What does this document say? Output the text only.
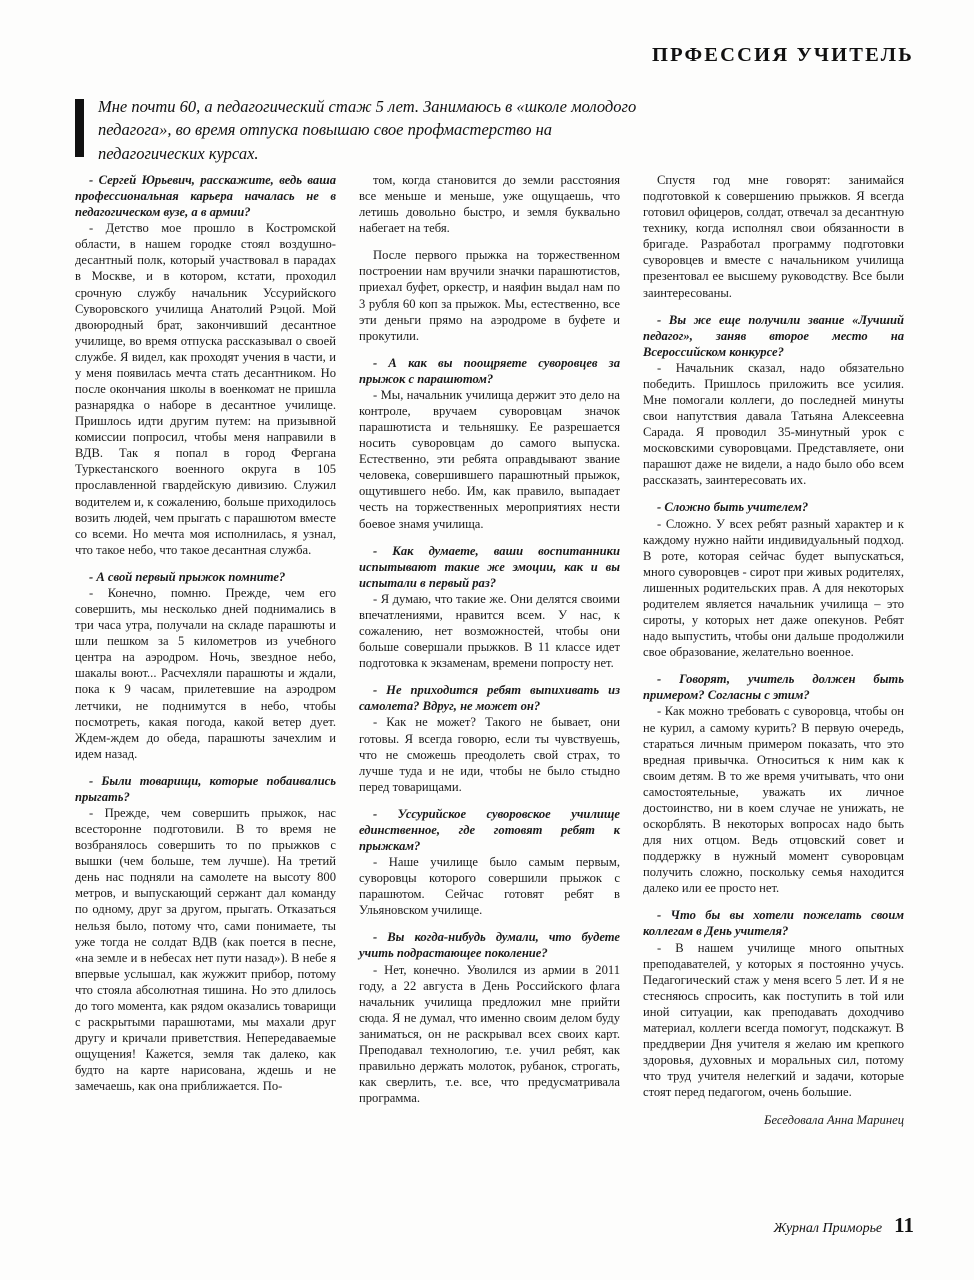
ПРФЕССИЯ УЧИТЕЛЬ
Мне почти 60, а педагогический стаж 5 лет. Занимаюсь в «школе молодого педагога», во время отпуска повышаю свое профмастерство на педагогических курсах.

- Сергей Юрьевич, расскажите, ведь ваша профессиональная карьера началась не в педагогическом вузе, а в армии?

- Детство мое прошло в Костромской области, в нашем городке стоял воздушно-десантный полк, который участвовал в парадах в Москве, и в котором, кстати, проходил срочную службу начальник Уссурийского Суворовского училища Анатолий Рэцой. Мой двоюродный брат, закончивший десантное училище, во время отпуска рассказывал о своей службе. Я видел, как проходят учения в части, и у меня появилась мечта стать десантником. Но после окончания школы в военкомат не пришла разнарядка о наборе в десантное училище. Пришлось идти другим путем: на призывной комиссии попросил, чтобы меня направили в ВДВ. Так я попал в город Фергана Туркестанского военного округа в 105 прославленной гвардейскую дивизию. Служил водителем и, к сожалению, больше приходилось возить людей, чем прыгать с парашютом вместе со всеми. Но мечта моя исполнилась, я узнал, что такое небо, что такое десантная служба.

- А свой первый прыжок помните?

- Конечно, помню. Прежде, чем его совершить, мы несколько дней поднимались в три часа утра, получали на складе парашюты и шли пешком за 5 километров из учебного центра на аэродром. Ночь, звездное небо, шакалы воют... Расчехляли парашюты и ждали, пока к 9 часам, прилетевшие на аэродром летчики, не поднимутся в небо, чтобы посмотреть, какая погода, какой ветер дует. Ждем-ждем до обеда, парашюты зачехлим и идем назад.

- Были товарищи, которые побаивались прыгать?

- Прежде, чем совершить прыжок, нас всесторонне подготовили. В то время не возбранялось совершить то по прыжков с вышки (чем больше, тем лучше). На третий день нас подняли на самолете на высоту 800 метров, и выпускающий сержант дал команду по одному, друг за другом, прыгать. Отказаться нельзя было, потому что, сами понимаете, ты уже тогда не солдат ВДВ (как поется в песне, «на земле и в небесах нет пути назад»). В небе я впервые услышал, как жужжит прибор, потому что стояла абсолютная тишина. Но это длилось до того момента, как рядом оказались товарищи с раскрытыми парашютами, мы махали друг другу и кричали приветствия. Непередаваемые ощущения! Кажется, земля так далеко, как будто на карте нарисована, ждешь и не замечаешь, как она приближается. По-

том, когда становится до земли расстояния все меньше и меньше, уже ощущаешь, что летишь довольно быстро, и земля буквально набегает на тебя.

После первого прыжка на торжественном построении нам вручили значки парашютистов, приехал буфет, оркестр, и наяфин выдал нам по 3 рубля 60 коп за прыжок. Мы, естественно, все эти деньги прямо на аэродроме в буфете и прокутили.

- А как вы поощряете суворовцев за прыжок с парашютом?

- Мы, начальник училища держит это дело на контроле, вручаем суворовцам значок парашютиста и тельняшку. Ее разрешается носить суворовцам до самого выпуска. Естественно, эти ребята оправдывают звание человека, совершившего парашютный прыжок, ощутившего небо. Им, как правило, выпадает честь на торжественных мероприятиях нести боевое знамя училища.

- Как думаете, ваши воспитанники испытывают такие же эмоции, как и вы испытали в первый раз?

- Я думаю, что такие же. Они делятся своими впечатлениями, нравится всем. У нас, к сожалению, нет возможностей, чтобы они больше совершали прыжков. В 11 классе идет подготовка к экзаменам, времени попросту нет.

- Не приходится ребят выпихивать из самолета? Вдруг, не может он?

- Как не может? Такого не бывает, они готовы. Я всегда говорю, если ты чувствуешь, что не сможешь преодолеть свой страх, то лучше туда и не иди, чтобы не было стыдно перед товарищами.

- Уссурийское суворовское училище единственное, где готовят ребят к прыжкам?

- Наше училище было самым первым, суворовцы которого совершили прыжок с парашютом. Сейчас готовят ребят в Ульяновском училище.

- Вы когда-нибудь думали, что будете учить подрастающее поколение?

- Нет, конечно. Уволился из армии в 2011 году, а 22 августа в День Российского флага начальник училища предложил мне прийти сюда. Я не думал, что именно своим делом буду заниматься, он не раскрывал всех своих карт. Преподавал технологию, т.е. учил ребят, как правильно держать молоток, рубанок, строгать, как сверлить, т.е. все, что предусматривала программа.

Спустя год мне говорят: занимайся подготовкой к совершению прыжков. Я всегда готовил офицеров, солдат, отвечал за десантную технику, когда исполнял свои обязанности в бригаде. Разработал программу подготовки суворовцев и вместе с начальником училища презентовал ее высшему руководству. Все были заинтересованы.

- Вы же еще получили звание «Лучший педагог», заняв второе место на Всероссийском конкурсе?

- Начальник сказал, надо обязательно победить. Пришлось приложить все усилия. Мне помогали коллеги, до последней минуты свои напутствия давала Татьяна Алексеевна Сарада. Я проводил 35-минутный урок с московскими суворовцами. Представляете, они парашют даже не видели, а надо было обо всем рассказать, заинтересовать их.

- Сложно быть учителем?

- Сложно. У всех ребят разный характер и к каждому нужно найти индивидуальный подход. В роте, которая сейчас будет выпускаться, много суворовцев - сирот при живых родителях, лишенных родительских прав. А для некоторых родителем является начальник училища – это сироты, у которых нет даже опекунов. Ребят надо выпустить, чтобы они дальше продолжили свое образование, желательно военное.

- Говорят, учитель должен быть примером? Согласны с этим?

- Как можно требовать с суворовца, чтобы он не курил, а самому курить? В первую очередь, стараться личным примером показать, что это вредная привычка. Относиться к ним как к своим детям. В то же время учитывать, что они самостоятельные, уважать их личное достоинство, ни в коем случае не унижать, не оскорблять. В некоторых вопросах надо быть для них отцом. Ведь отцовский совет и поддержку в нужный момент суворовцам получить сложно, поскольку семья находится далеко или ее просто нет.

- Что бы вы хотели пожелать своим коллегам в День учителя?

- В нашем училище много опытных преподавателей, у которых я постоянно учусь. Педагогический стаж у меня всего 5 лет. И я не стесняюсь спросить, как поступить в той или иной ситуации, как преподавать доходчиво материал, коллеги всегда помогут, подскажут. В преддверии Дня учителя я желаю им крепкого здоровья, духовных и моральных сил, потому что труд учителя нелегкий и задачи, которые стоят перед педагогом, очень большие.

Беседовала Анна Маринец

Журнал Приморье 11
